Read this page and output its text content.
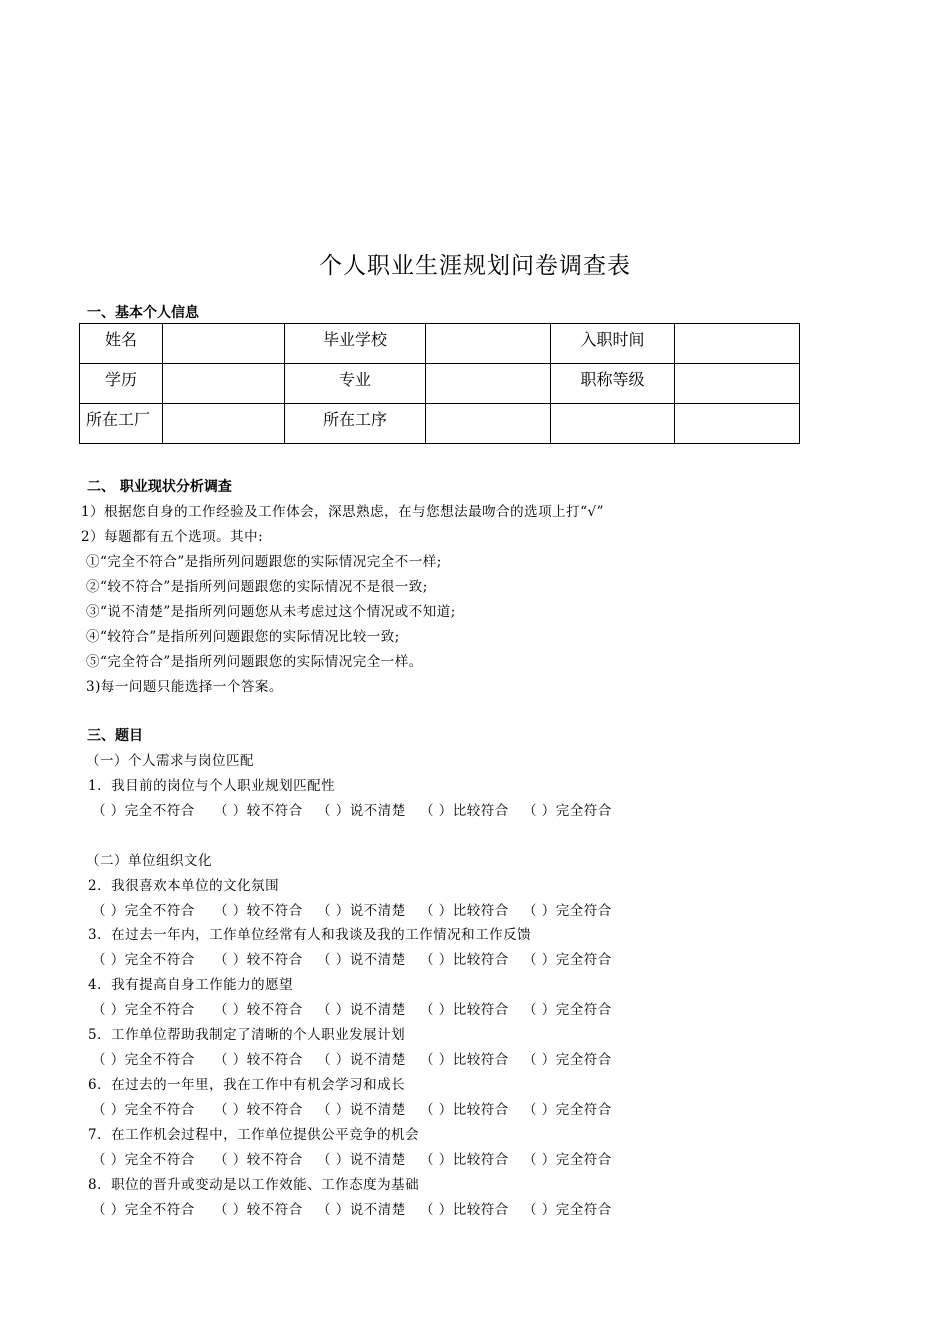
个人职业生涯规划问卷调查表
一、基本个人信息
姓名		毕业学校		入职时间	

学历		专业		职称等级	

所在工厂		所在工序			

二、 职业现状分析调查
1）根据您自身的工作经验及工作体会，深思熟虑，在与您想法最吻合的选项上打“√”
2）每题都有五个选项。其中:
①“完全不符合”是指所列问题跟您的实际情况完全不一样;
②“较不符合”是指所列问题跟您的实际情况不是很一致;
③“说不清楚”是指所列问题您从未考虑过这个情况或不知道;
④“较符合”是指所列问题跟您的实际情况比较一致;
⑤“完全符合”是指所列问题跟您的实际情况完全一样。
3)每一问题只能选择一个答案。
三、题目
（一）个人需求与岗位匹配
1．我目前的岗位与个人职业规划匹配性
（ ）完全不符合 （ ）较不符合 （ ）说不清楚 （ ）比较符合 （ ）完全符合
（二）单位组织文化
2．我很喜欢本单位的文化氛围
（ ）完全不符合 （ ）较不符合 （ ）说不清楚 （ ）比较符合 （ ）完全符合
3．在过去一年内，工作单位经常有人和我谈及我的工作情况和工作反馈
（ ）完全不符合 （ ）较不符合 （ ）说不清楚 （ ）比较符合 （ ）完全符合
4．我有提高自身工作能力的愿望
（ ）完全不符合 （ ）较不符合 （ ）说不清楚 （ ）比较符合 （ ）完全符合
5．工作单位帮助我制定了清晰的个人职业发展计划
（ ）完全不符合 （ ）较不符合 （ ）说不清楚 （ ）比较符合 （ ）完全符合
6．在过去的一年里，我在工作中有机会学习和成长
（ ）完全不符合 （ ）较不符合 （ ）说不清楚 （ ）比较符合 （ ）完全符合
7．在工作机会过程中，工作单位提供公平竞争的机会
（ ）完全不符合 （ ）较不符合 （ ）说不清楚 （ ）比较符合 （ ）完全符合
8．职位的晋升或变动是以工作效能、工作态度为基础
（ ）完全不符合 （ ）较不符合 （ ）说不清楚 （ ）比较符合 （ ）完全符合
